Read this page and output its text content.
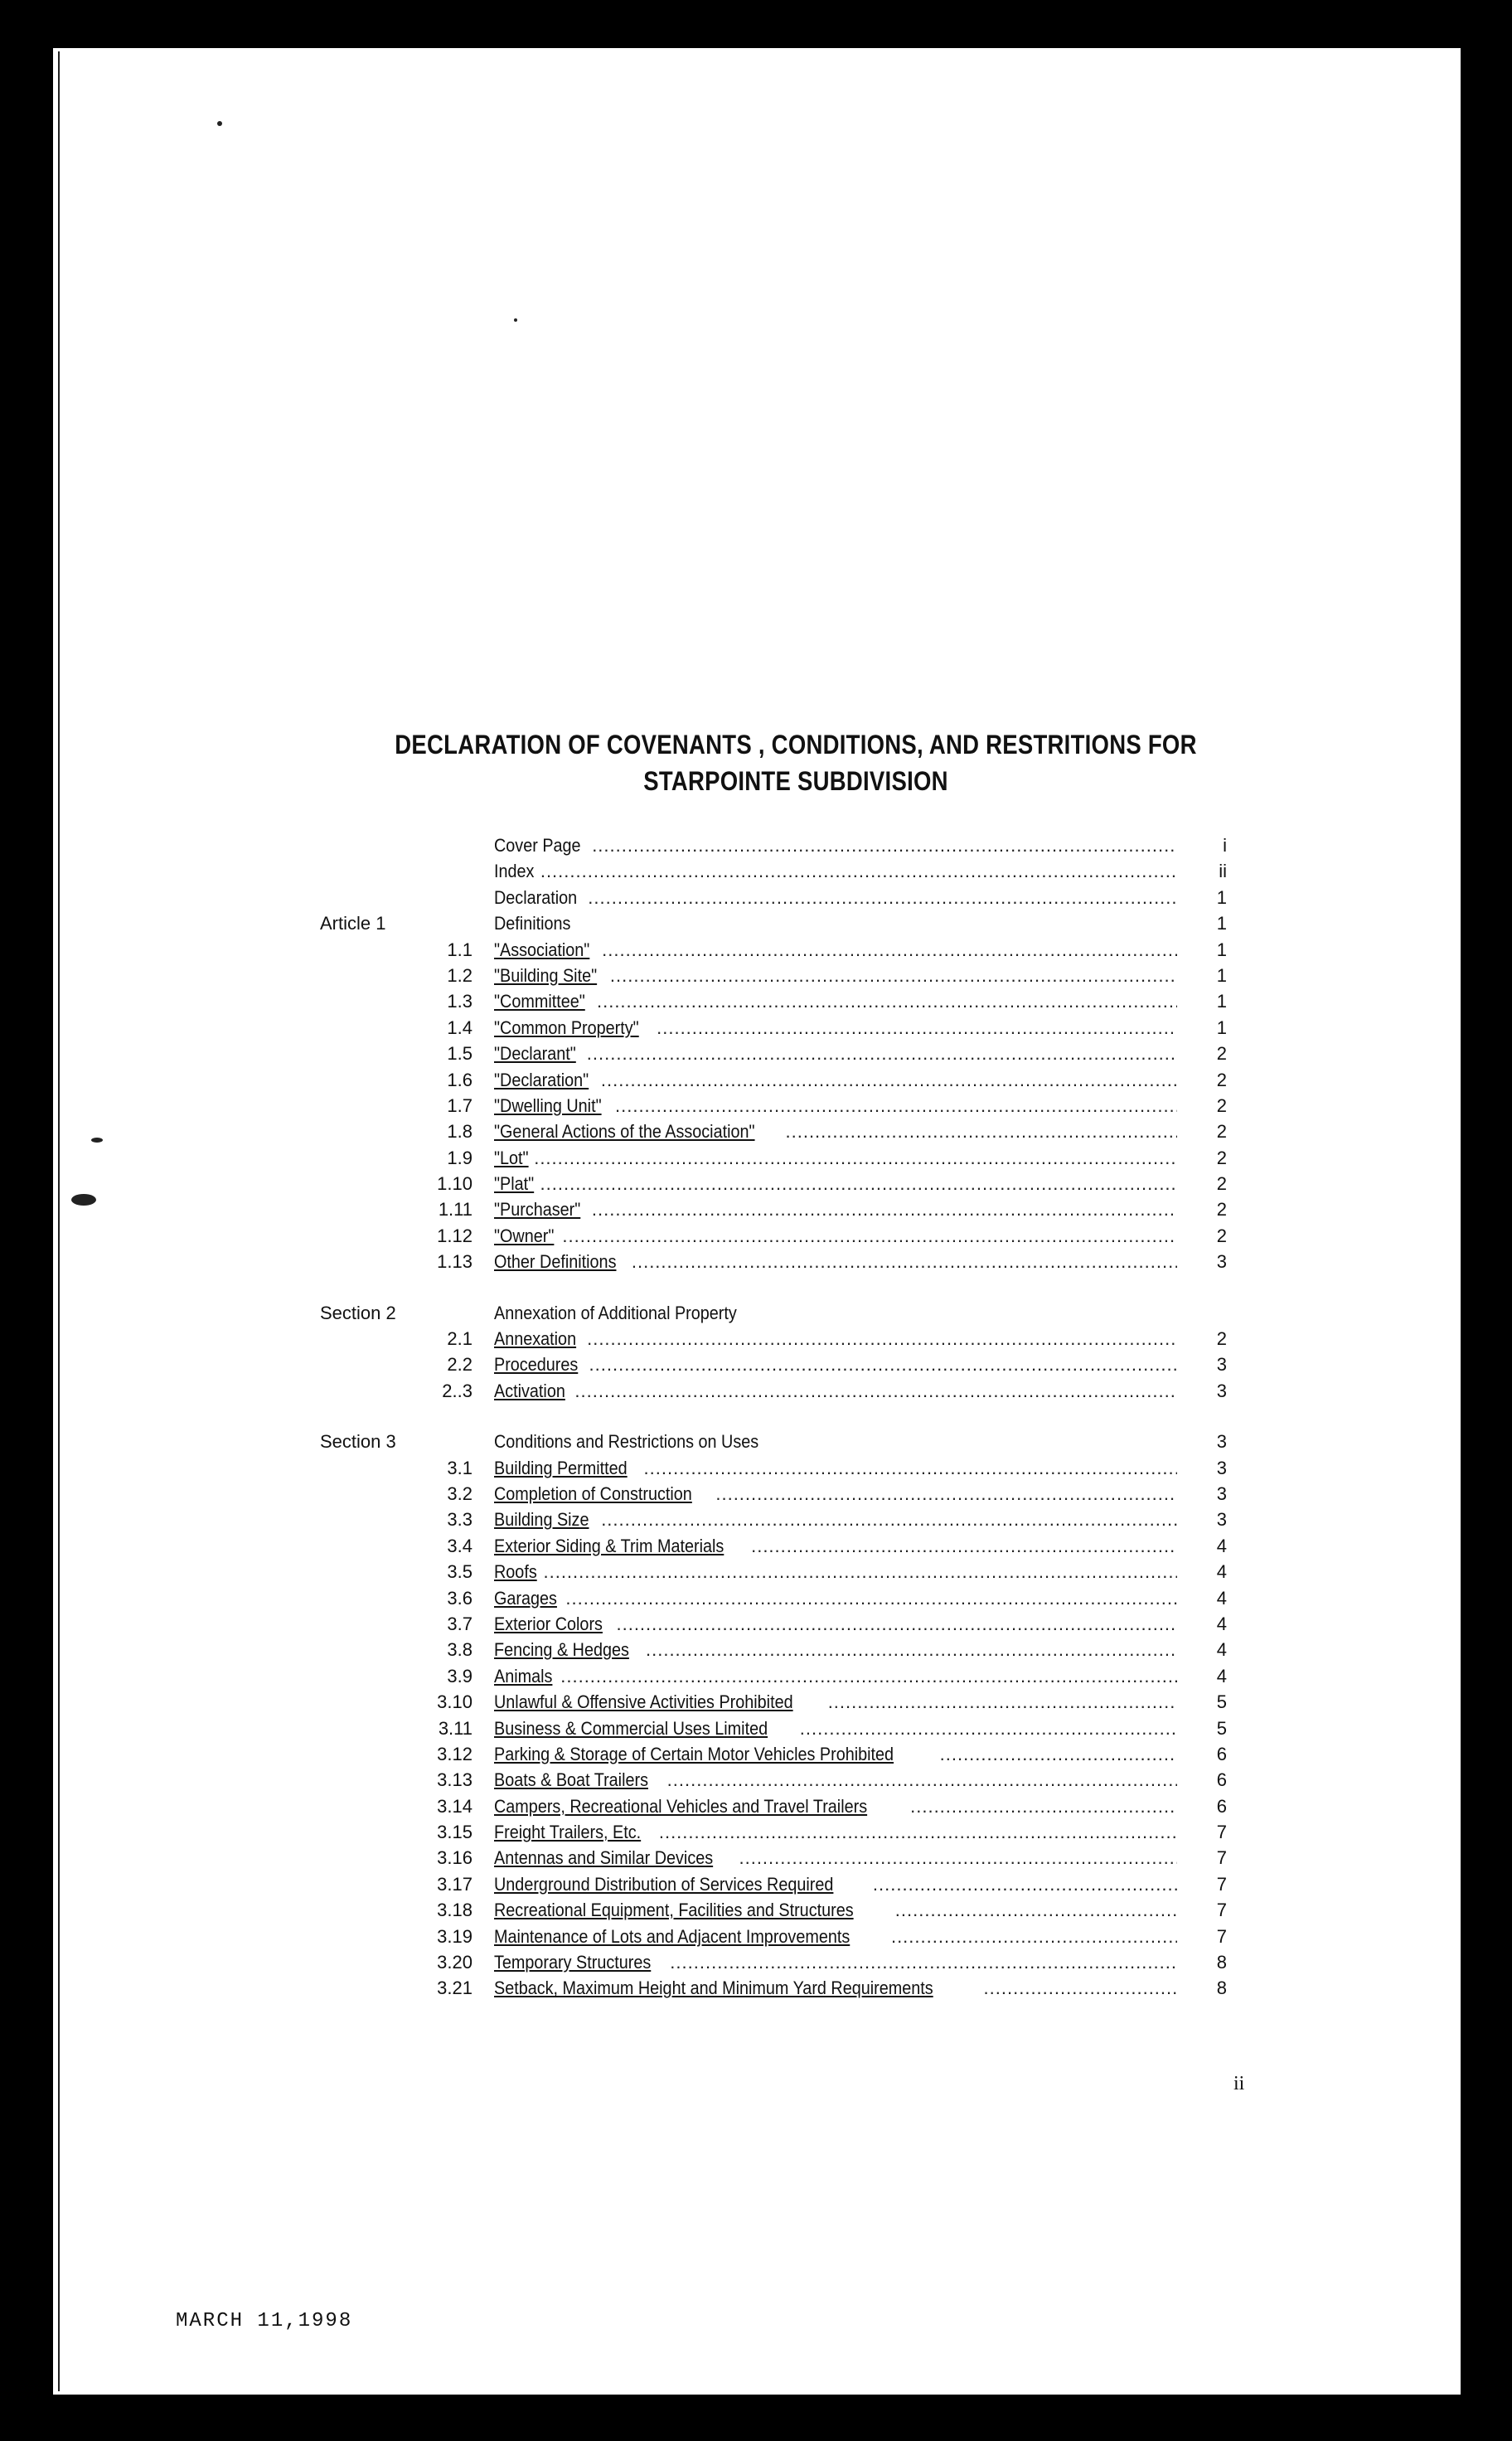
DECLARATION OF COVENANTS , CONDITIONS, AND RESTRITIONS FOR
STARPOINTE SUBDIVISION
Cover Page .....	i
Index .....	ii
Declaration .....	1
Article 1	Definitions	1
1.1 "Association" .....	1
1.2 "Building Site" .....	1
1.3 "Committee" .....	1
1.4 "Common Property" .....	1
1.5 "Declarant" .....	2
1.6 "Declaration" .....	2
1.7 "Dwelling Unit" .....	2
1.8 "General Actions of the Association" .....	2
1.9 "Lot" .....	2
1.10 "Plat" .....	2
1.11 "Purchaser" .....	2
1.12 "Owner" .....	2
1.13 Other Definitions .....	3
Section 2	Annexation of Additional Property
2.1 Annexation .....	2
2.2 Procedures .....	3
2..3 Activation .....	3
Section 3	Conditions and Restrictions on Uses	3
3.1 Building Permitted .....	3
3.2 Completion of Construction .....	3
3.3 Building Size .....	3
3.4 Exterior Siding & Trim Materials .....	4
3.5 Roofs .....	4
3.6 Garages .....	4
3.7 Exterior Colors .....	4
3.8 Fencing & Hedges .....	4
3.9 Animals .....	4
3.10 Unlawful & Offensive Activities Prohibited .....	5
3.11 Business & Commercial Uses Limited .....	5
3.12 Parking & Storage of Certain Motor Vehicles Prohibited .....	6
3.13 Boats & Boat Trailers .....	6
3.14 Campers, Recreational Vehicles and Travel Trailers .....	6
3.15 Freight Trailers, Etc. .....	7
3.16 Antennas and Similar Devices .....	7
3.17 Underground Distribution of Services Required .....	7
3.18 Recreational Equipment, Facilities and Structures .....	7
3.19 Maintenance of Lots and Adjacent Improvements .....	7
3.20 Temporary Structures .....	8
3.21 Setback, Maximum Height and Minimum Yard Requirements .....	8
ii
MARCH 11,1998
